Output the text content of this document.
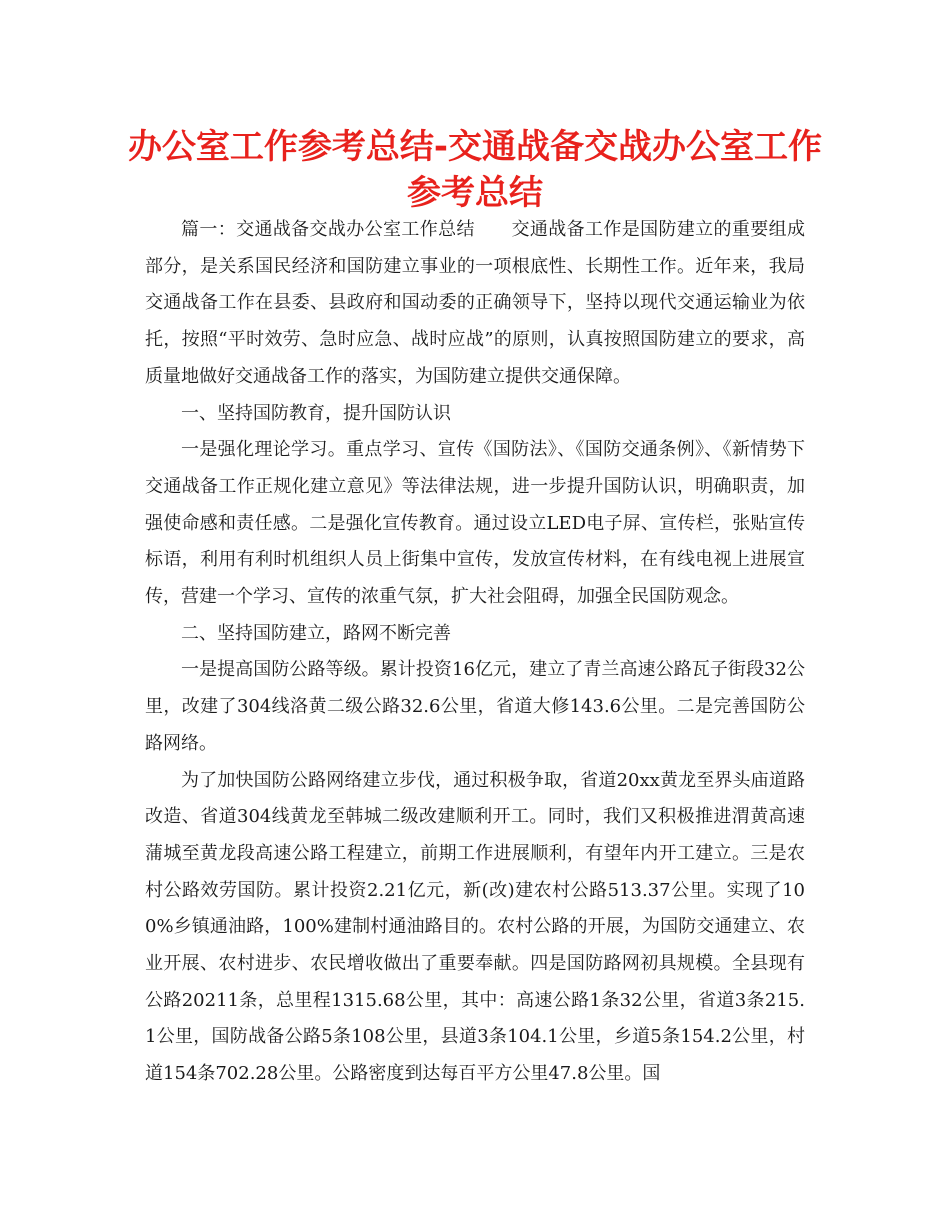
办公室工作参考总结-交通战备交战办公室工作
参考总结

篇一：交通战备交战办公室工作总结　　交通战备工作是国防建立的重要组成部分，是关系国民经济和国防建立事业的一项根底性、长期性工作。近年来，我局交通战备工作在县委、县政府和国动委的正确领导下，坚持以现代交通运输业为依托，按照“平时效劳、急时应急、战时应战”的原则，认真按照国防建立的要求，高质量地做好交通战备工作的落实，为国防建立提供交通保障。

一、坚持国防教育，提升国防认识

一是强化理论学习。重点学习、宣传《国防法》、《国防交通条例》、《新情势下交通战备工作正规化建立意见》等法律法规，进一步提升国防认识，明确职责，加强使命感和责任感。二是强化宣传教育。通过设立LED电子屏、宣传栏，张贴宣传标语，利用有利时机组织人员上街集中宣传，发放宣传材料，在有线电视上进展宣传，营建一个学习、宣传的浓重气氛，扩大社会阻碍，加强全民国防观念。

二、坚持国防建立，路网不断完善

一是提高国防公路等级。累计投资16亿元，建立了青兰高速公路瓦子街段32公里，改建了304线洛黄二级公路32.6公里，省道大修143.6公里。二是完善国防公路网络。

为了加快国防公路网络建立步伐，通过积极争取，省道20xx黄龙至界头庙道路改造、省道304线黄龙至韩城二级改建顺利开工。同时，我们又积极推进渭黄高速蒲城至黄龙段高速公路工程建立，前期工作进展顺利，有望年内开工建立。三是农村公路效劳国防。累计投资2.21亿元，新(改)建农村公路513.37公里。实现了100%乡镇通油路，100%建制村通油路目的。农村公路的开展，为国防交通建立、农业开展、农村进步、农民增收做出了重要奉献。四是国防路网初具规模。全县现有公路20211条，总里程1315.68公里，其中：高速公路1条32公里，省道3条215.1公里，国防战备公路5条108公里，县道3条104.1公里，乡道5条154.2公里，村道154条702.28公里。公路密度到达每百平方公里47.8公里。国
